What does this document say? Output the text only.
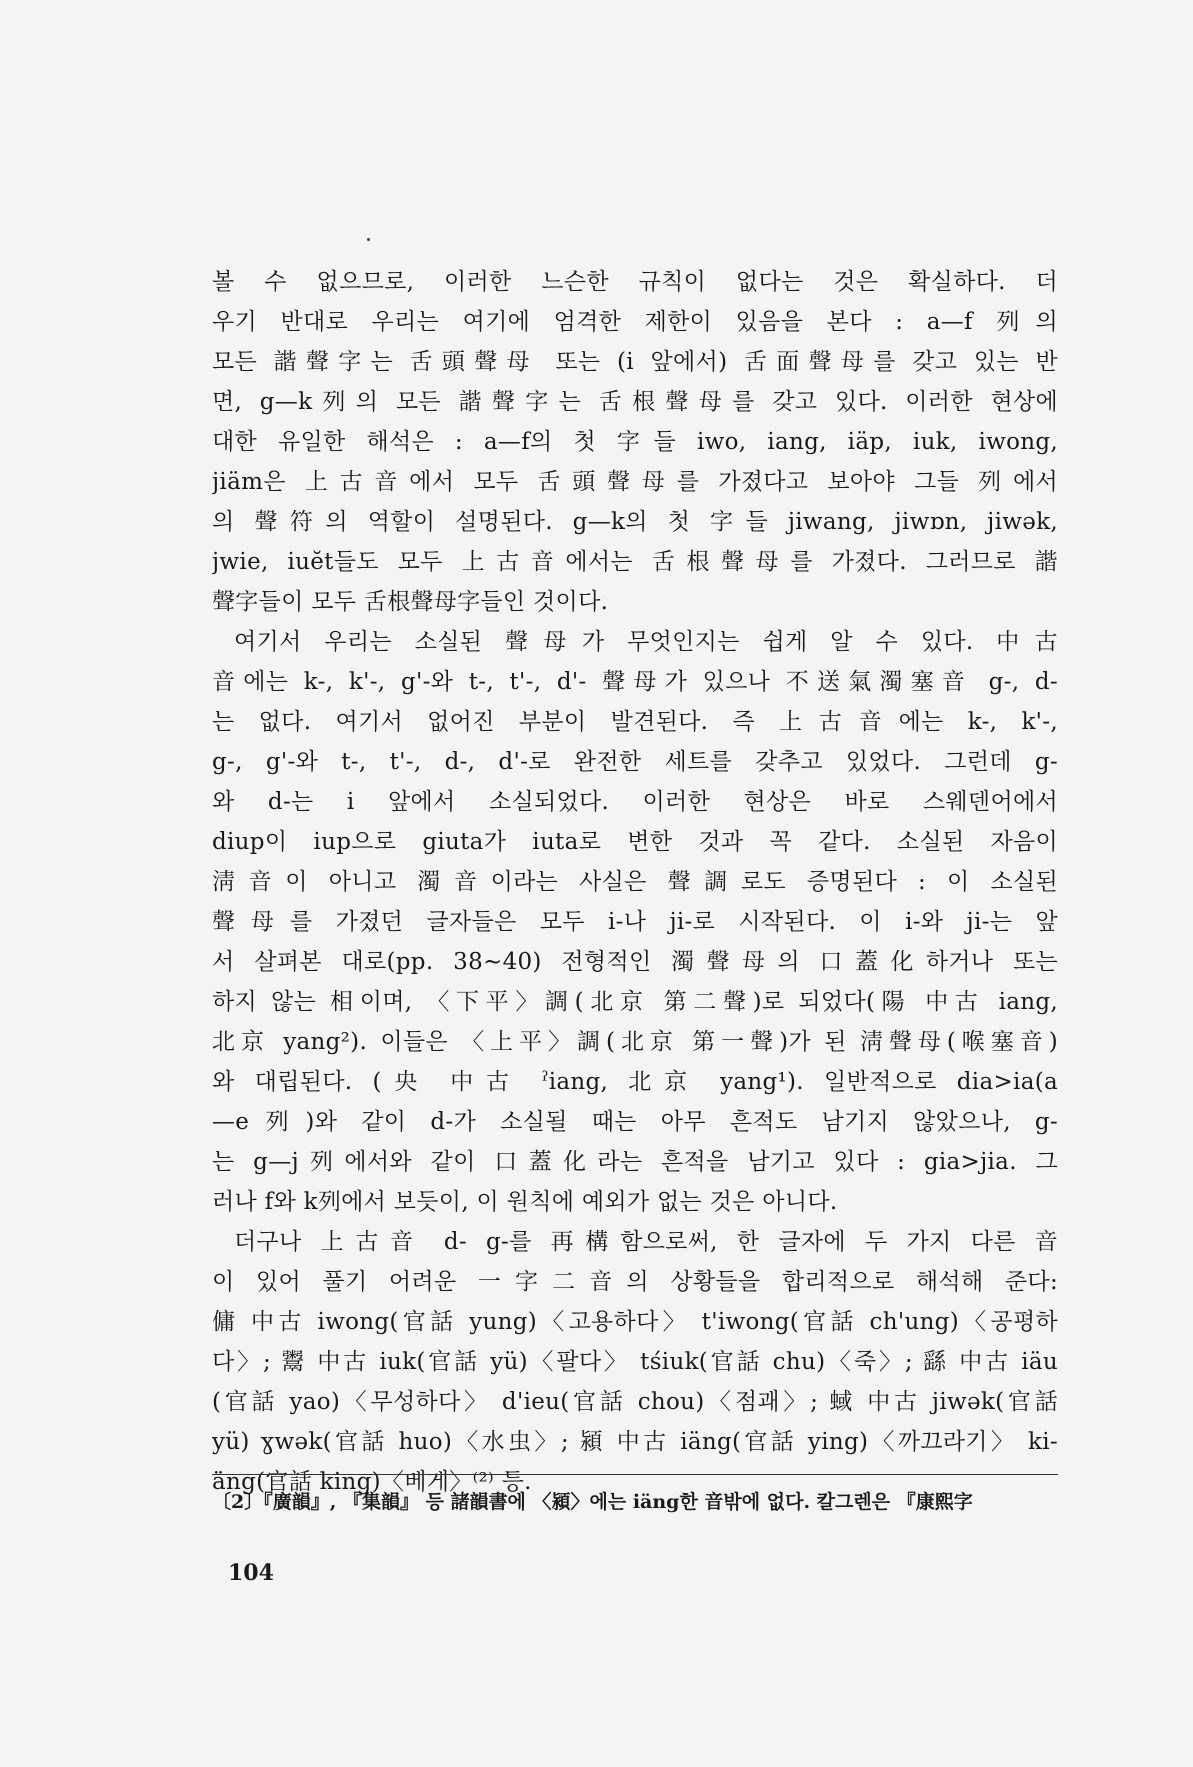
볼 수 없으므로, 이러한 느슨한 규칙이 없다는 것은 확실하다. 더
우기 반대로 우리는 여기에 엄격한 제한이 있음을 본다 : a—f 列의
모든 諧聲字는 舌頭聲母 또는 (i 앞에서) 舌面聲母를 갖고 있는 반
면, g—k列의 모든 諧聲字는 舌根聲母를 갖고 있다. 이러한 현상에
대한 유일한 해석은 : a—f의 첫 字들 iwo, iang, iäp, iuk, iwong,
jiäm은 上古音에서 모두 舌頭聲母를 가졌다고 보아야 그들 列에서
의 聲符의 역할이 설명된다. g—k의 첫 字들 jiwang, jiwɒn, jiwək,
jwie, iuĕt들도 모두 上古音에서는 舌根聲母를 가졌다. 그러므로 諧
聲字들이 모두 舌根聲母字들인 것이다.
여기서 우리는 소실된 聲母가 무엇인지는 쉽게 알 수 있다. 中古
音에는 k-, k'-, g'-와 t-, t'-, d'- 聲母가 있으나 不送氣濁塞音 g-, d-
는 없다. 여기서 없어진 부분이 발견된다. 즉 上古音에는 k-, k'-,
g-, g'-와 t-, t'-, d-, d'-로 완전한 세트를 갖추고 있었다. 그런데 g-
와 d-는 i 앞에서 소실되었다. 이러한 현상은 바로 스웨덴어에서
diup이 iup으로 giuta가 iuta로 변한 것과 꼭 같다. 소실된 자음이
淸音이 아니고 濁音이라는 사실은 聲調로도 증명된다 : 이 소실된
聲母를 가졌던 글자들은 모두 i-나 ji-로 시작된다. 이 i-와 ji-는 앞
서 살펴본 대로(pp. 38∼40) 전형적인 濁聲母의 口蓋化하거나 또는
하지 않는 相이며, 〈下平〉調(北京 第二聲)로 되었다(陽 中古 iang,
北京 yang²). 이들은 〈上平〉調(北京 第一聲)가 된 淸聲母(喉塞音)
와 대립된다. (央 中古 ˀiang, 北京 yang¹). 일반적으로 dia>ia(a
—e列)와 같이 d-가 소실될 때는 아무 흔적도 남기지 않았으나, g-
는 g—j列에서와 같이 口蓋化라는 흔적을 남기고 있다 : gia>jia. 그
러나 f와 k列에서 보듯이, 이 원칙에 예외가 없는 것은 아니다.
더구나 上古音 d- g-를 再構함으로써, 한 글자에 두 가지 다른 音
이 있어 풀기 어려운 一字二音의 상황들을 합리적으로 해석해 준다:
傭 中古 iwong(官話 yung)〈고용하다〉 t'iwong(官話 ch'ung)〈공평하
다〉; 鬻 中古 iuk(官話 yü)〈팔다〉 tśiuk(官話 chu)〈죽〉; 繇 中古 iäu
(官話 yao)〈무성하다〉 d'ieu(官話 chou)〈점괘〉; 蜮 中古 jiwək(官話
yü) ɣwək(官話 huo)〈水虫〉; 潁 中古 iäng(官話 ying)〈까끄라기〉 ki-
äng(官話 king)〈베게〉⁽²⁾ 등.
〔2〕『廣韻』, 『集韻』 등 諸韻書에 〈潁〉에는 iäng한 音밖에 없다. 칼그렌은 『康熙字
104
